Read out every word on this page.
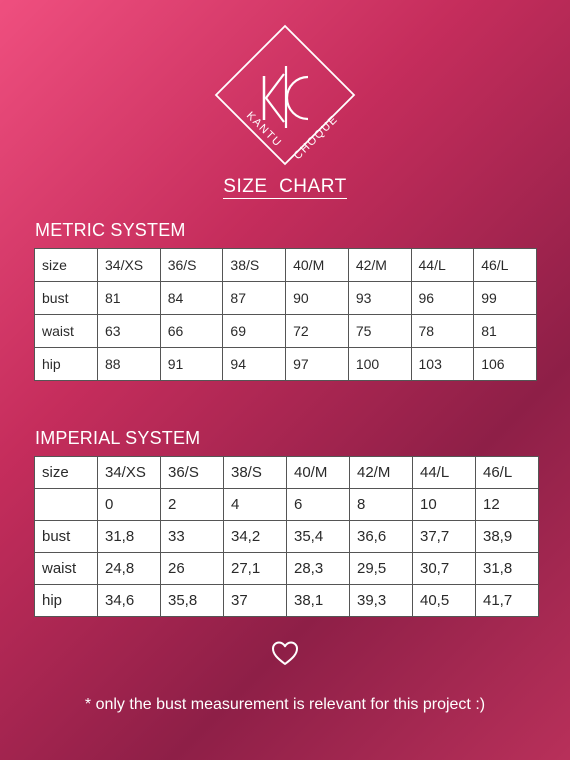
KANTU CHOQUE
SIZE  CHART
METRIC SYSTEM
size	34/XS	36/S	38/S	40/M	42/M	44/L	46/L
bust	81	84	87	90	93	96	99
waist	63	66	69	72	75	78	81
hip	88	91	94	97	100	103	106
IMPERIAL SYSTEM
size	34/XS	36/S	38/S	40/M	42/M	44/L	46/L
	0	2	4	6	8	10	12
bust	31,8	33	34,2	35,4	36,6	37,7	38,9
waist	24,8	26	27,1	28,3	29,5	30,7	31,8
hip	34,6	35,8	37	38,1	39,3	40,5	41,7
* only the bust measurement is relevant for this project :)
